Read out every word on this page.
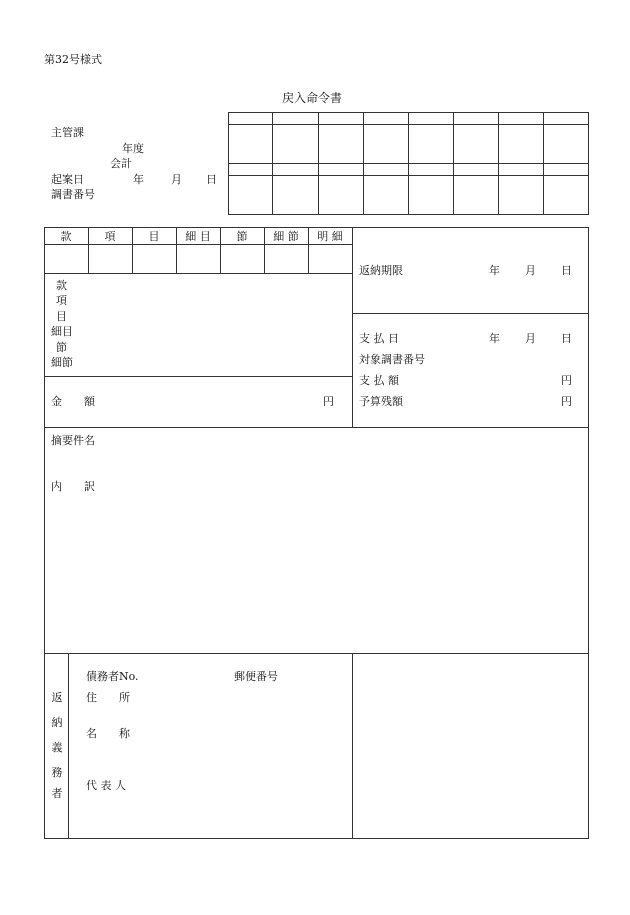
第32号様式
戻入命令書
主管課
年度
会計
起案日	年 月 日
調書番号
款	項	目	細 目	節	細 節	明 細
款
項
目
細目
節
細節
金　　額	円
返納期限	年 月 日
支 払 日	年 月 日
対象調書番号
支 払 額	円
予算残額	円
摘要件名
内　　訳
返
納
義
務
者
債務者No.	郵便番号
住　　所
名　　称
代 表 人
